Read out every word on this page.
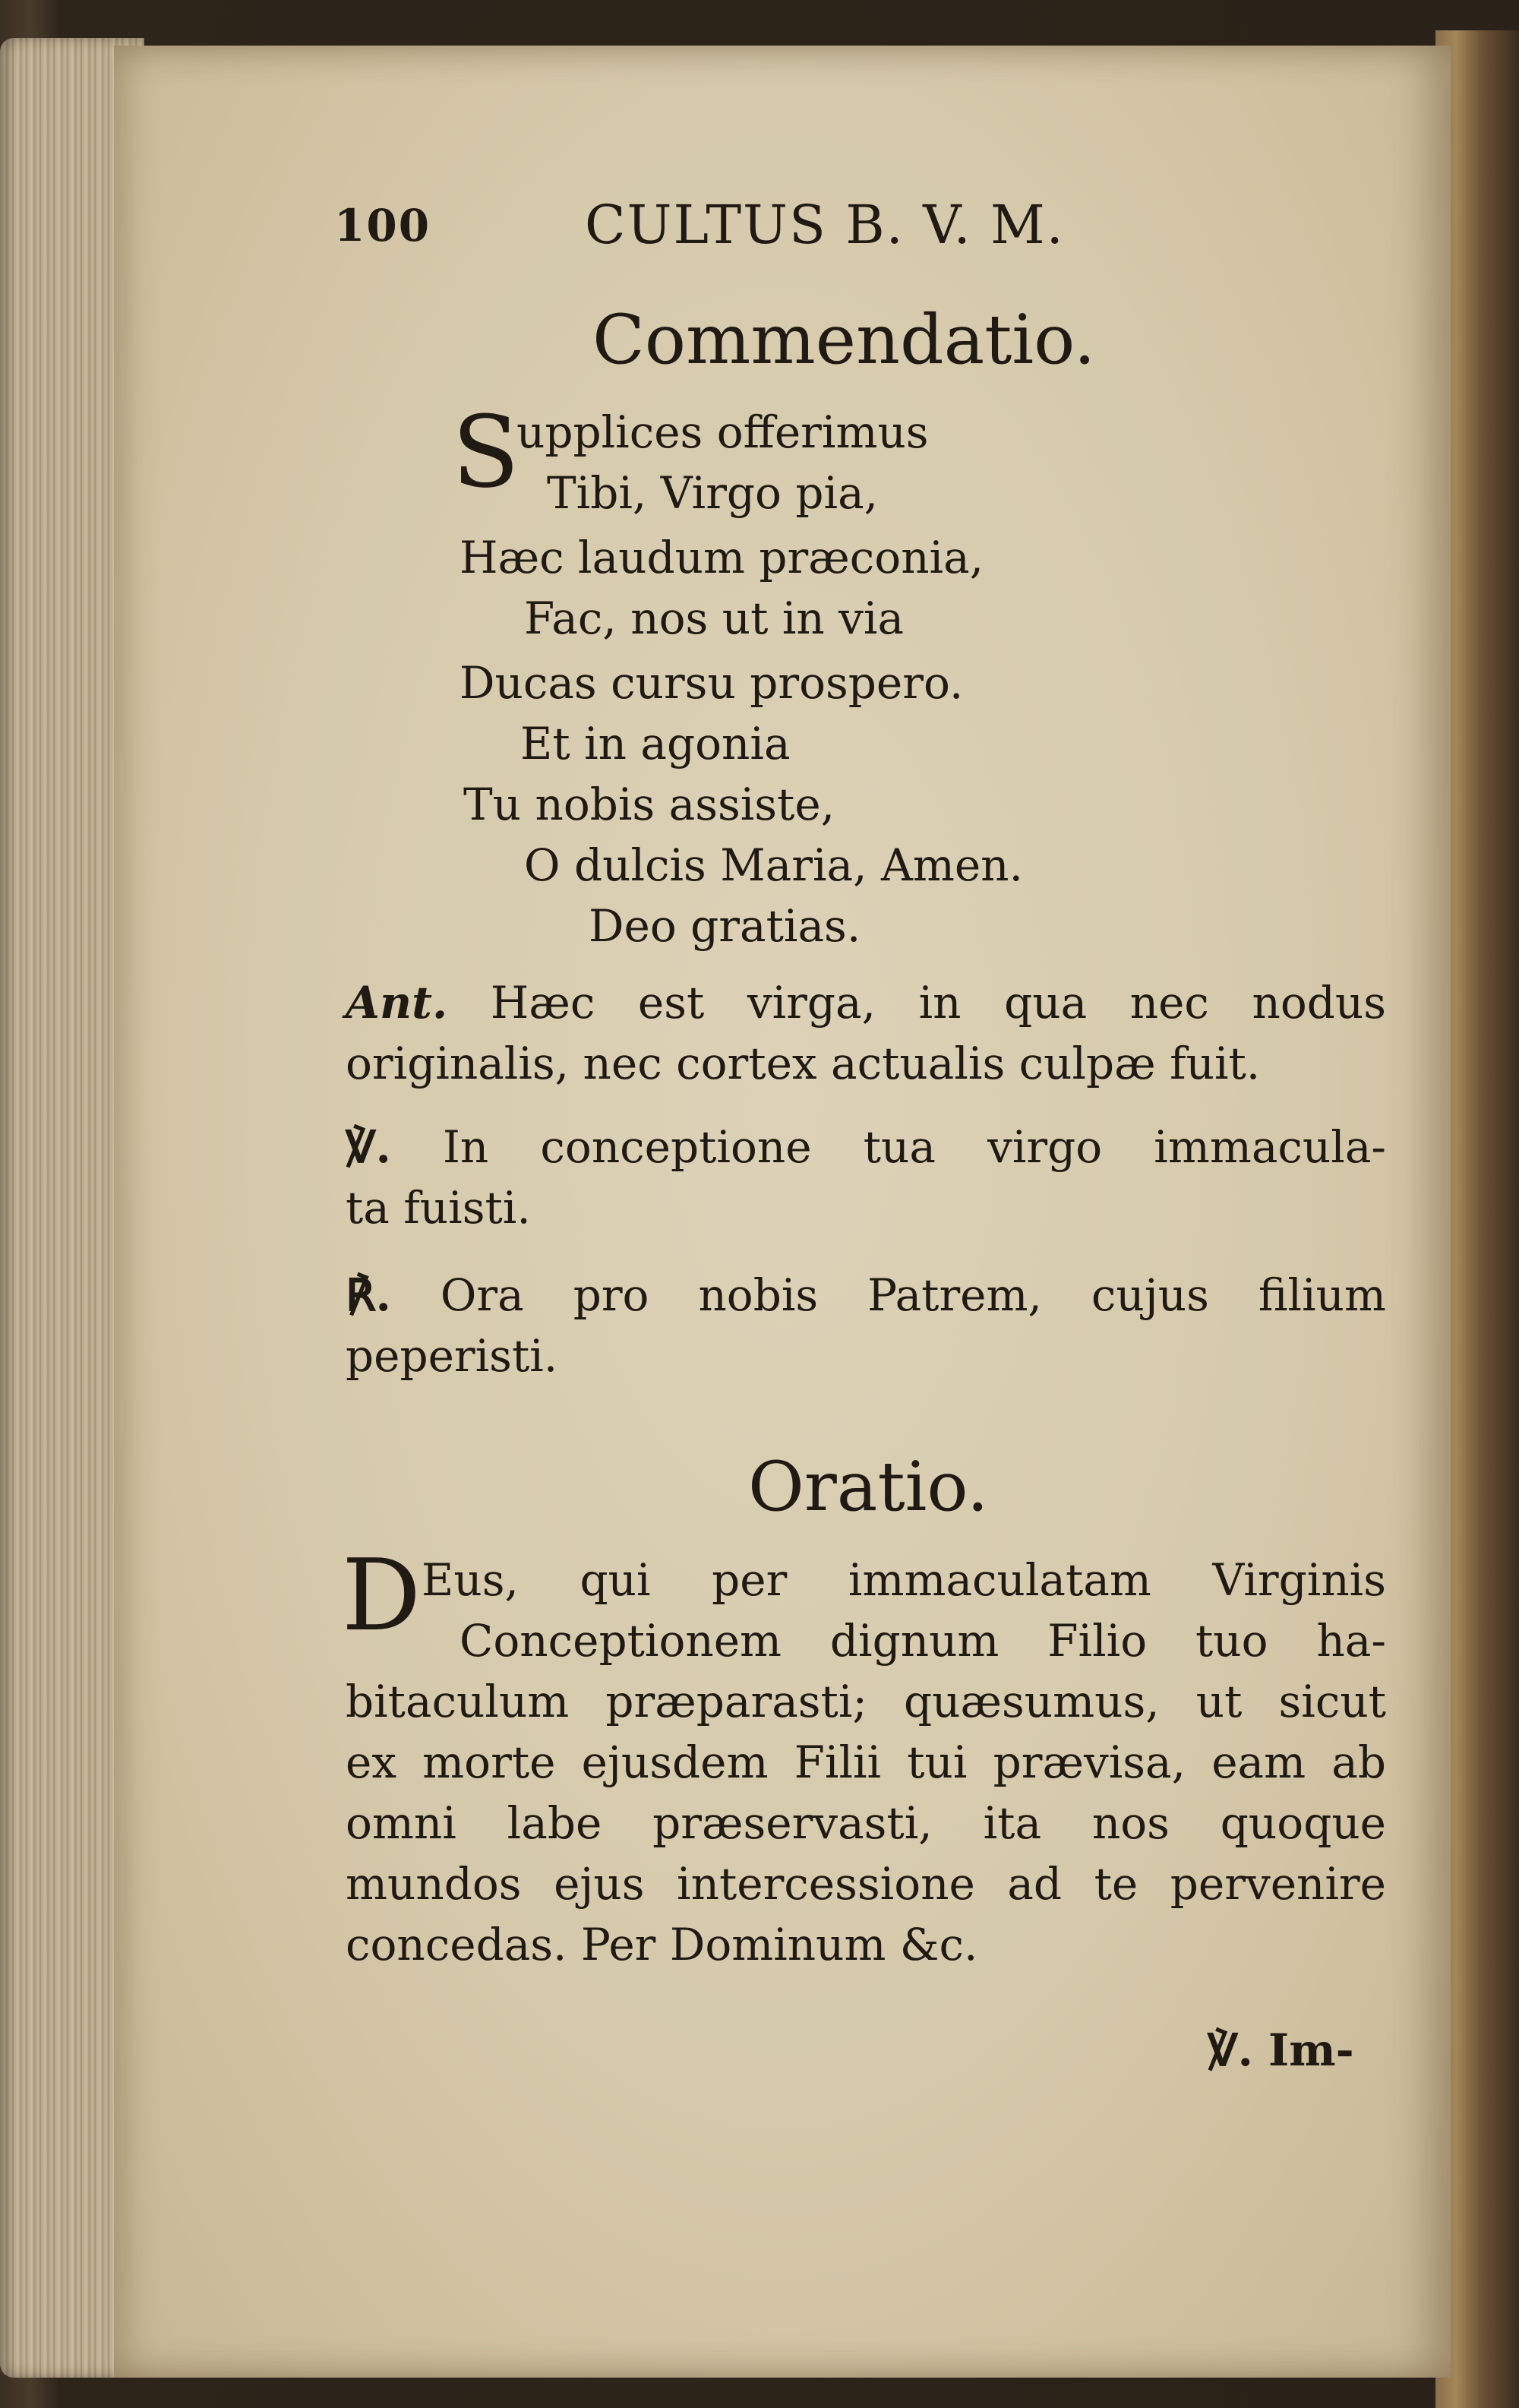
100	CULTUS B. V. M.
Commendatio.
S
upplices offerimus
Tibi, Virgo pia,
Hæc laudum præconia,
Fac, nos ut in via
Ducas cursu prospero.
Et in agonia
Tu nobis assiste,
O dulcis Maria, Amen.
Deo gratias.
Ant. Hæc est virga, in qua nec nodus
originalis, nec cortex actualis culpæ fuit.
℣. In conceptione tua virgo immacula-
ta fuisti.
℟. Ora pro nobis Patrem, cujus filium
peperisti.
Oratio.
D Eus, qui per immaculatam Virginis
Conceptionem dignum Filio tuo ha-
bitaculum præparasti; quæsumus, ut sicut
ex morte ejusdem Filii tui prævisa, eam ab
omni labe præservasti, ita nos quoque
mundos ejus intercessione ad te pervenire
concedas. Per Dominum &c.
℣. Im-
